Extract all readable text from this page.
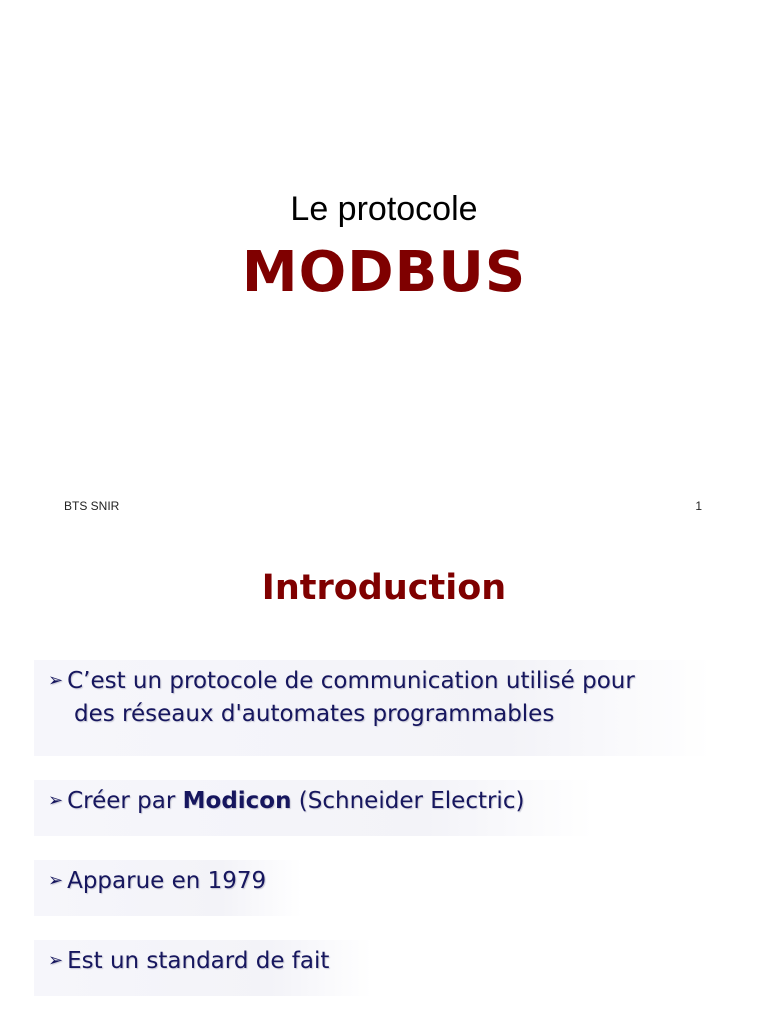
Le protocole
MODBUS
BTS SNIR	1
Introduction
➢ C’est un protocole de communication utilisé pour
des réseaux d'automates programmables
➢ Créer par Modicon (Schneider Electric)
➢ Apparue en 1979
➢ Est un standard de fait
